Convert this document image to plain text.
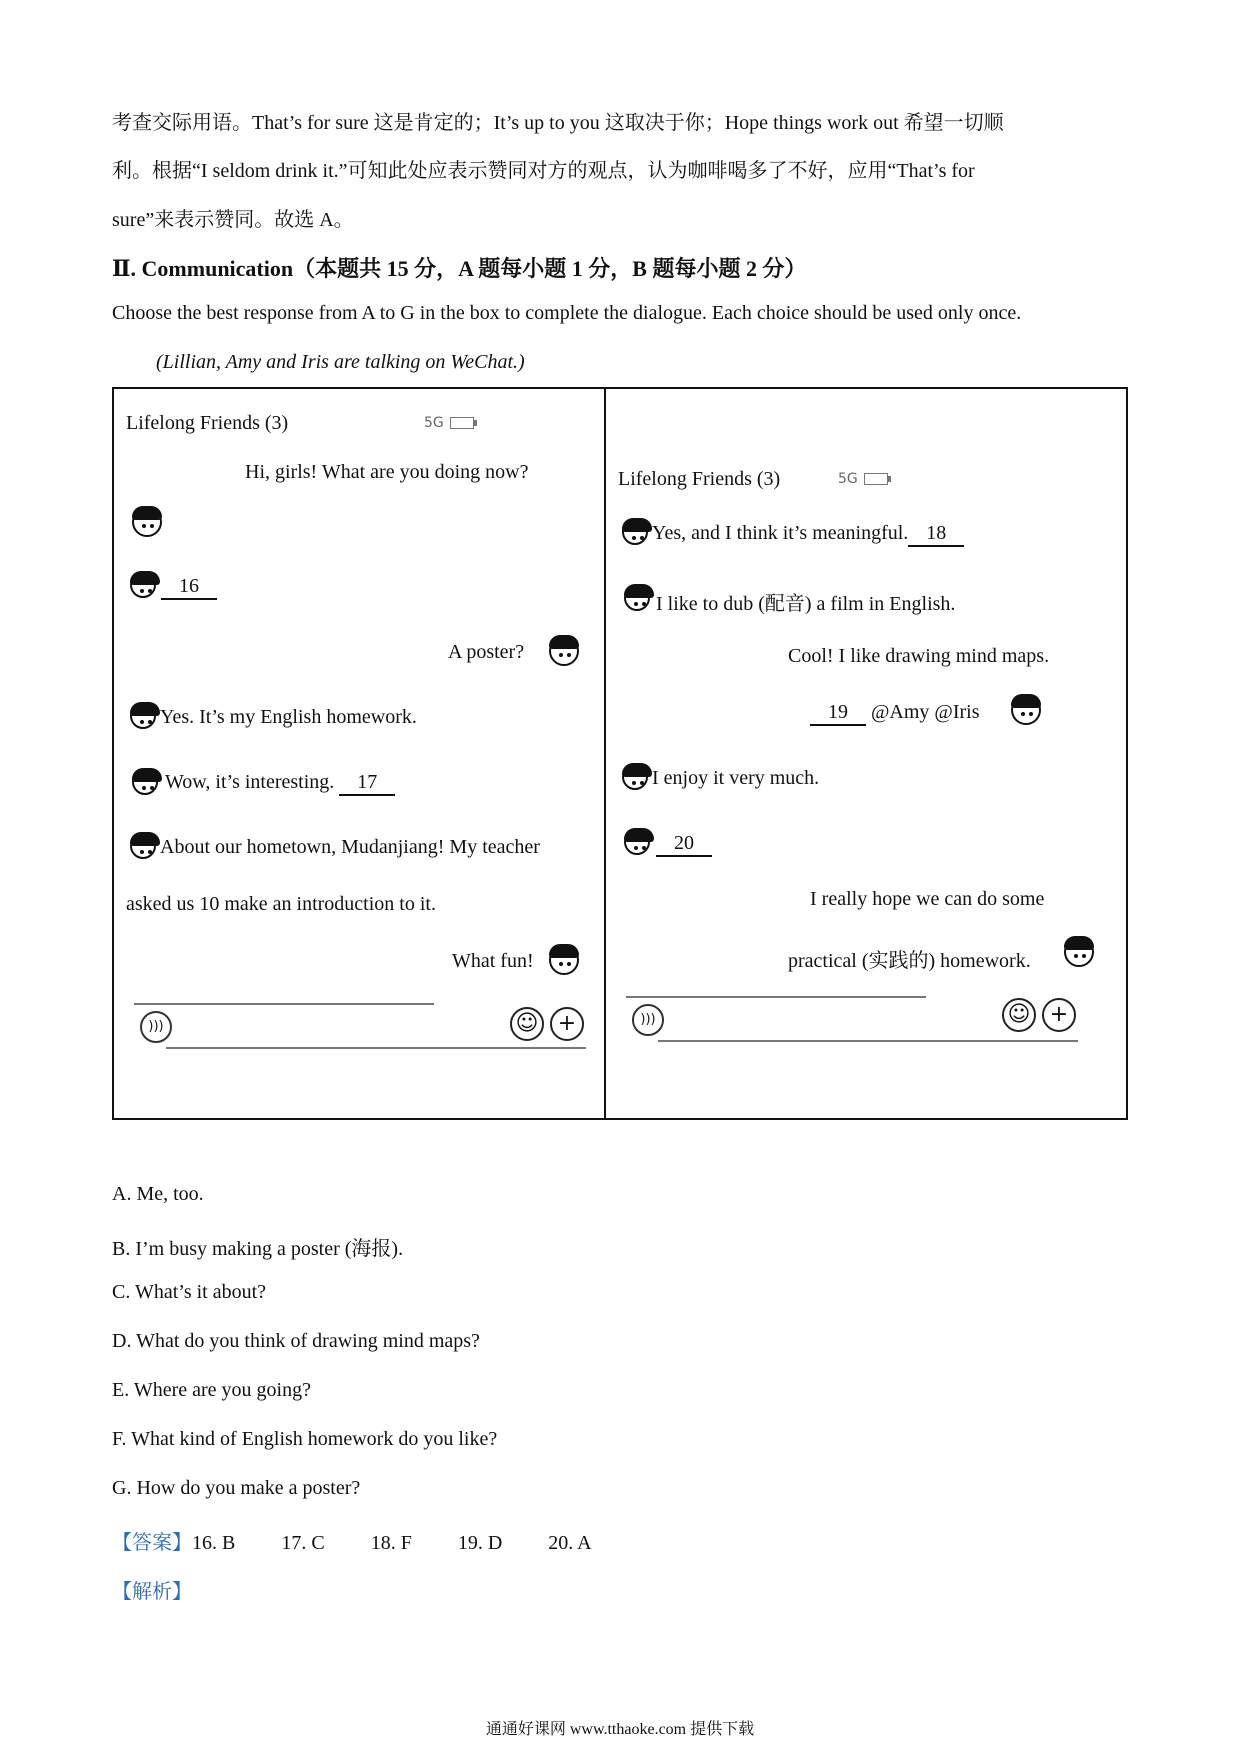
考查交际用语。That’s for sure 这是肯定的；It’s up to you 这取决于你；Hope things work out 希望一切顺
利。根据“I seldom drink it.”可知此处应表示赞同对方的观点，认为咖啡喝多了不好，应用“That’s for
sure”来表示赞同。故选 A。
Ⅱ. Communication（本题共 15 分，A 题每小题 1 分，B 题每小题 2 分）
Choose the best response from A to G in the box to complete the dialogue. Each choice should be used only once.
(Lillian, Amy and Iris are talking on WeChat.)
Lifelong Friends (3)	5G
Hi, girls! What are you doing now?
16
A poster?
Yes. It’s my English homework.
Wow, it’s interesting. 17
About our hometown, Mudanjiang! My teacher
asked us 10 make an introduction to it.
What fun!
)))	☺ +
Lifelong Friends (3)	5G
Yes, and I think it’s meaningful. 18
I like to dub (配音) a film in English.
Cool! I like drawing mind maps.
19 @Amy @Iris
I enjoy it very much.
20
I really hope we can do some
practical (实践的) homework.
)))	☺ +
A. Me, too.
B. I’m busy making a poster (海报).
C. What’s it about?
D. What do you think of drawing mind maps?
E. Where are you going?
F. What kind of English homework do you like?
G. How do you make a poster?
【答案】16. B 17. C 18. F 19. D 20. A
【解析】
通通好课网 www.tthaoke.com 提供下载
